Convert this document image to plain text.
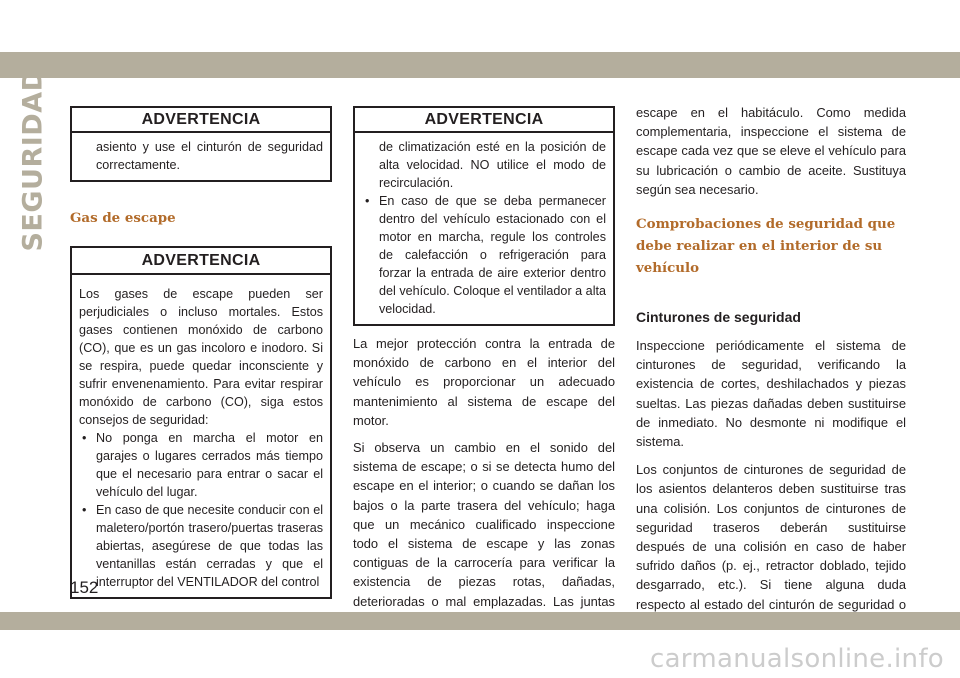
SEGURIDAD	ADVERTENCIA

asiento y use el cinturón de seguridad correctamente.

Gas de escape

ADVERTENCIA

Los gases de escape pueden ser perjudiciales o incluso mortales. Estos gases contienen monóxido de carbono (CO), que es un gas incoloro e inodoro. Si se respira, puede quedar inconsciente y sufrir envenenamiento. Para evitar respirar monóxido de carbono (CO), siga estos consejos de seguridad:

• No ponga en marcha el motor en garajes o lugares cerrados más tiempo que el necesario para entrar o sacar el vehículo del lugar.

• En caso de que necesite conducir con el maletero/portón trasero/puertas traseras abiertas, asegúrese de que todas las ventanillas están cerradas y que el interruptor del VENTILADOR del control

ADVERTENCIA

de climatización esté en la posición de alta velocidad. NO utilice el modo de recirculación.

• En caso de que se deba permanecer dentro del vehículo estacionado con el motor en marcha, regule los controles de calefacción o refrigeración para forzar la entrada de aire exterior dentro del vehículo. Coloque el ventilador a alta velocidad.

La mejor protección contra la entrada de monóxido de carbono en el interior del vehículo es proporcionar un adecuado mantenimiento al sistema de escape del motor.

Si observa un cambio en el sonido del sistema de escape; o si se detecta humo del escape en el interior; o cuando se dañan los bajos o la parte trasera del vehículo; haga que un mecánico cualificado inspeccione todo el sistema de escape y las zonas contiguas de la carrocería para verificar la existencia de piezas rotas, dañadas, deterioradas o mal emplazadas. Las juntas

escape en el habitáculo. Como medida complementaria, inspeccione el sistema de escape cada vez que se eleve el vehículo para su lubricación o cambio de aceite. Sustituya según sea necesario.

Comprobaciones de seguridad que debe realizar en el interior de su vehículo

Cinturones de seguridad

Inspeccione periódicamente el sistema de cinturones de seguridad, verificando la existencia de cortes, deshilachados y piezas sueltas. Las piezas dañadas deben sustituirse de inmediato. No desmonte ni modifique el sistema.

Los conjuntos de cinturones de seguridad de los asientos delanteros deben sustituirse tras una colisión. Los conjuntos de cinturones de seguridad traseros deberán sustituirse después de una colisión en caso de haber sufrido daños (p. ej., retractor doblado, tejido desgarrado, etc.). Si tiene alguna duda respecto al estado del cinturón de seguridad o

152
carmanualsonline.info
